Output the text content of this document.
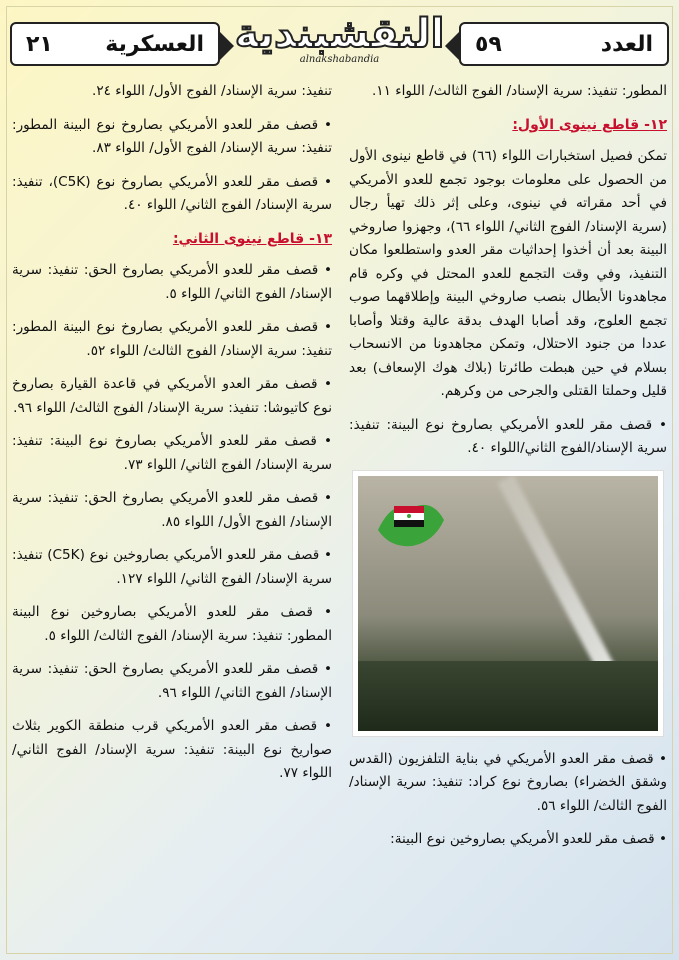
٢١ العسكرية النقشبندية
alnakshabandia
٥٩	العدد

المطور: تنفيذ: سرية الإسناد/ الفوج الثالث/ اللواء ١١.

١٢- قاطع نينوى الأول:

تمكن فصيل استخبارات اللواء (٦٦) في قاطع نينوى الأول من الحصول على معلومات بوجود تجمع للعدو الأمريكي في أحد مقراته في نينوى، وعلى إثر ذلك تهيأ رجال (سرية الإسناد/ الفوج الثاني/ اللواء ٦٦)، وجهزوا صاروخي البينة بعد أن أخذوا إحداثيات مقر العدو واستطلعوا مكان التنفيذ، وفي وقت التجمع للعدو المحتل في وكره قام مجاهدونا الأبطال بنصب صاروخي البينة وإطلاقهما صوب تجمع العلوج، وقد أصابا الهدف بدقة عالية وقتلا وأصابا عددا من جنود الاحتلال، وتمكن مجاهدونا من الانسحاب بسلام في حين هبطت طائرتا (بلاك هوك الإسعاف) بعد قليل وحملتا القتلى والجرحى من وكرهم.

• قصف مقر للعدو الأمريكي بصاروخ نوع البينة: تنفيذ: سرية الإسناد/الفوج الثاني/اللواء ٤٠.

• قصف مقر العدو الأمريكي في بناية التلفزيون (القدس وشقق الخضراء) بصاروخ نوع كراد: تنفيذ: سرية الإسناد/ الفوج الثالث/ اللواء ٥٦.

• قصف مقر للعدو الأمريكي بصاروخين نوع البينة:

تنفيذ: سرية الإسناد/ الفوج الأول/ اللواء ٢٤.

• قصف مقر للعدو الأمريكي بصاروخ نوع البينة المطور: تنفيذ: سرية الإسناد/ الفوج الأول/ اللواء ٨٣.

• قصف مقر للعدو الأمريكي بصاروخ نوع (C5K)، تنفيذ: سرية الإسناد/ الفوج الثاني/ اللواء ٤٠.

١٣- قاطع نينوى الثاني:

• قصف مقر للعدو الأمريكي بصاروخ الحق: تنفيذ: سرية الإسناد/ الفوج الثاني/ اللواء ٥.

• قصف مقر للعدو الأمريكي بصاروخ نوع البينة المطور: تنفيذ: سرية الإسناد/ الفوج الثالث/ اللواء ٥٢.

• قصف مقر العدو الأمريكي في قاعدة القيارة بصاروخ نوع كاتيوشا: تنفيذ: سرية الإسناد/ الفوج الثالث/ اللواء ٩٦.

• قصف مقر للعدو الأمريكي بصاروخ نوع البينة: تنفيذ: سرية الإسناد/ الفوج الثاني/ اللواء ٧٣.

• قصف مقر للعدو الأمريكي بصاروخ الحق: تنفيذ: سرية الإسناد/ الفوج الأول/ اللواء ٨٥.

• قصف مقر للعدو الأمريكي بصاروخين نوع (C5K) تنفيذ: سرية الإسناد/ الفوج الثاني/ اللواء ١٢٧.

• قصف مقر للعدو الأمريكي بصاروخين نوع البينة المطور: تنفيذ: سرية الإسناد/ الفوج الثالث/ اللواء ٥.

• قصف مقر للعدو الأمريكي بصاروخ الحق: تنفيذ: سرية الإسناد/ الفوج الثاني/ اللواء ٩٦.

• قصف مقر العدو الأمريكي قرب منطقة الكوير بثلاث صواريخ نوع البينة: تنفيذ: سرية الإسناد/ الفوج الثاني/ اللواء ٧٧.
